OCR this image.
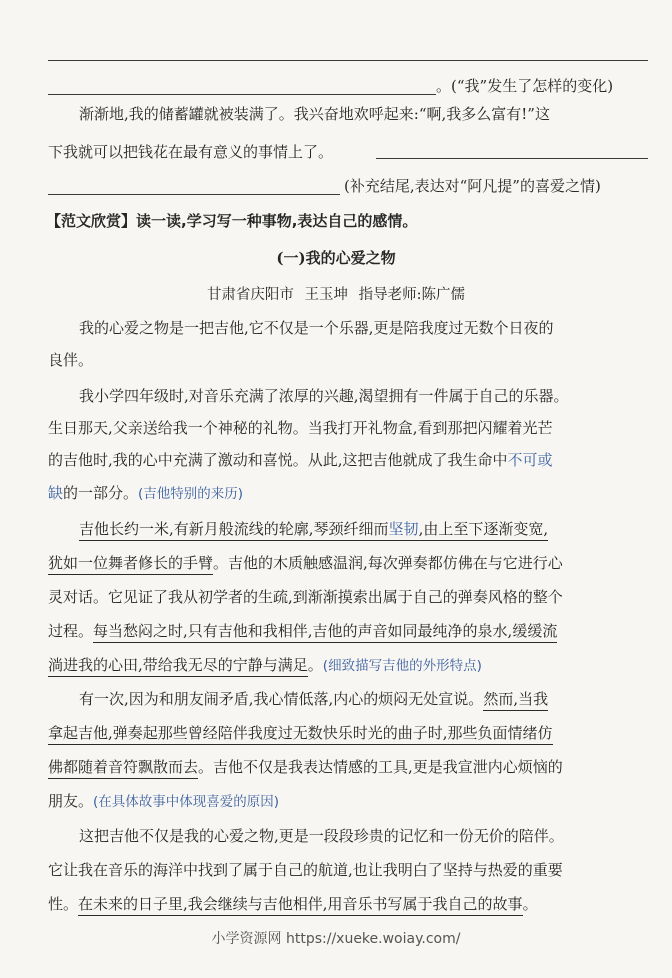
。(“我”发生了怎样的变化)
渐渐地,我的储蓄罐就被装满了。我兴奋地欢呼起来:“啊,我多么富有!”这
下我就可以把钱花在最有意义的事情上了。
(补充结尾,表达对“阿凡提”的喜爱之情)
【范文欣赏】读一读,学习写一种事物,表达自己的感情。
(一)我的心爱之物
甘肃省庆阳市 王玉坤 指导老师:陈广儒
我的心爱之物是一把吉他,它不仅是一个乐器,更是陪我度过无数个日夜的
良伴。
我小学四年级时,对音乐充满了浓厚的兴趣,渴望拥有一件属于自己的乐器。
生日那天,父亲送给我一个神秘的礼物。当我打开礼物盒,看到那把闪耀着光芒
的吉他时,我的心中充满了激动和喜悦。从此,这把吉他就成了我生命中不可或
缺的一部分。(吉他特别的来历)
吉他长约一米,有新月般流线的轮廓,琴颈纤细而坚韧,由上至下逐渐变宽,
犹如一位舞者修长的手臂。吉他的木质触感温润,每次弹奏都仿佛在与它进行心
灵对话。它见证了我从初学者的生疏,到渐渐摸索出属于自己的弹奏风格的整个
过程。每当愁闷之时,只有吉他和我相伴,吉他的声音如同最纯净的泉水,缓缓流
淌进我的心田,带给我无尽的宁静与满足。(细致描写吉他的外形特点)
有一次,因为和朋友闹矛盾,我心情低落,内心的烦闷无处宣说。然而,当我
拿起吉他,弹奏起那些曾经陪伴我度过无数快乐时光的曲子时,那些负面情绪仿
佛都随着音符飘散而去。吉他不仅是我表达情感的工具,更是我宣泄内心烦恼的
朋友。(在具体故事中体现喜爱的原因)
这把吉他不仅是我的心爱之物,更是一段段珍贵的记忆和一份无价的陪伴。
它让我在音乐的海洋中找到了属于自己的航道,也让我明白了坚持与热爱的重要
性。在未来的日子里,我会继续与吉他相伴,用音乐书写属于我自己的故事。
小学资源网 https://xueke.woiay.com/
